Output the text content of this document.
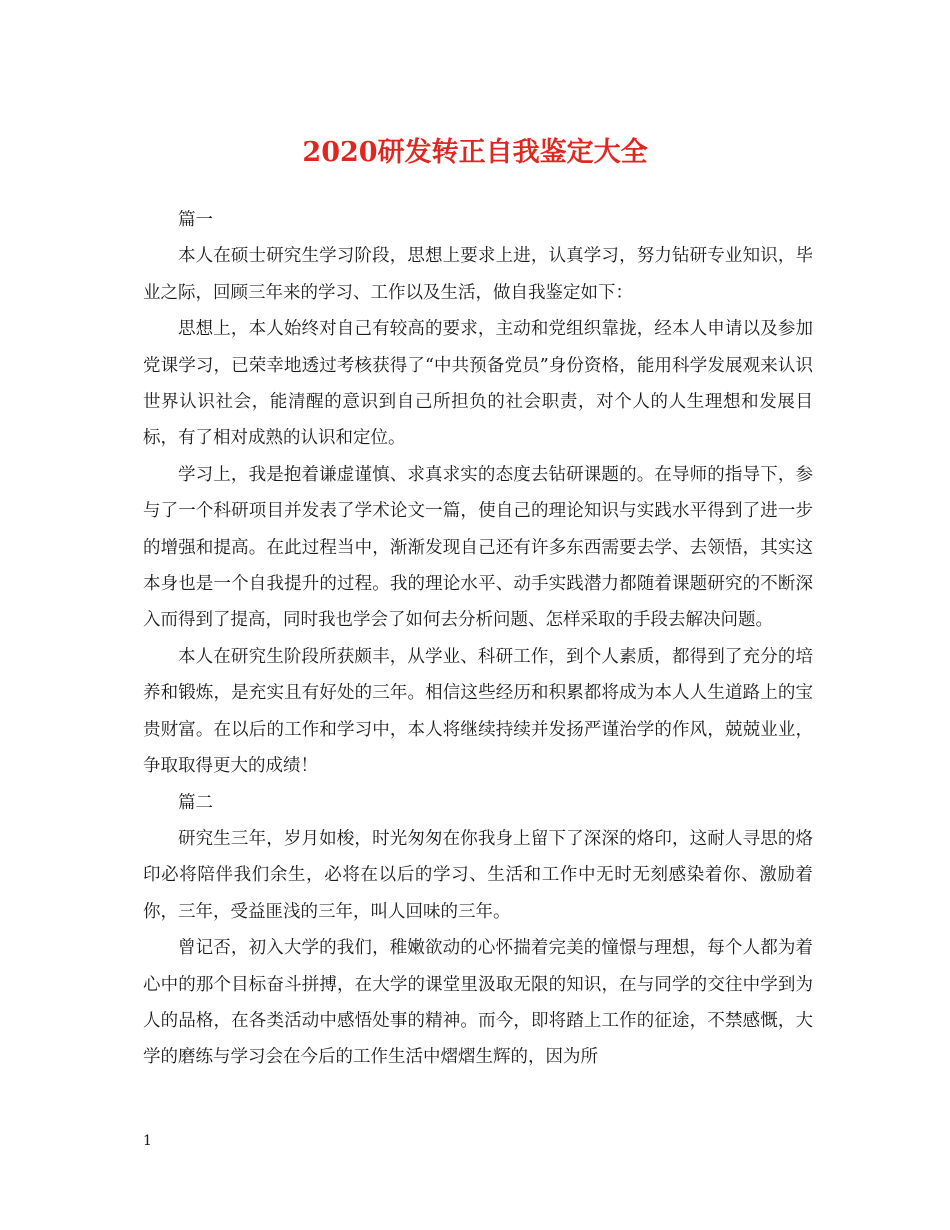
2020研发转正自我鉴定大全

篇一

本人在硕士研究生学习阶段，思想上要求上进，认真学习，努力钻研专业知识，毕业之际，回顾三年来的学习、工作以及生活，做自我鉴定如下：

思想上，本人始终对自己有较高的要求，主动和党组织靠拢，经本人申请以及参加党课学习，已荣幸地透过考核获得了“中共预备党员”身份资格，能用科学发展观来认识世界认识社会，能清醒的意识到自己所担负的社会职责，对个人的人生理想和发展目标，有了相对成熟的认识和定位。

学习上，我是抱着谦虚谨慎、求真求实的态度去钻研课题的。在导师的指导下，参与了一个科研项目并发表了学术论文一篇，使自己的理论知识与实践水平得到了进一步的增强和提高。在此过程当中，渐渐发现自己还有许多东西需要去学、去领悟，其实这本身也是一个自我提升的过程。我的理论水平、动手实践潜力都随着课题研究的不断深入而得到了提高，同时我也学会了如何去分析问题、怎样采取的手段去解决问题。

本人在研究生阶段所获颇丰，从学业、科研工作，到个人素质，都得到了充分的培养和锻炼，是充实且有好处的三年。相信这些经历和积累都将成为本人人生道路上的宝贵财富。在以后的工作和学习中，本人将继续持续并发扬严谨治学的作风，兢兢业业，争取取得更大的成绩！

篇二

研究生三年，岁月如梭，时光匆匆在你我身上留下了深深的烙印，这耐人寻思的烙印必将陪伴我们余生，必将在以后的学习、生活和工作中无时无刻感染着你、激励着你，三年，受益匪浅的三年，叫人回味的三年。

曾记否，初入大学的我们，稚嫩欲动的心怀揣着完美的憧憬与理想，每个人都为着心中的那个目标奋斗拼搏，在大学的课堂里汲取无限的知识，在与同学的交往中学到为人的品格，在各类活动中感悟处事的精神。而今，即将踏上工作的征途，不禁感慨，大学的磨练与学习会在今后的工作生活中熠熠生辉的，因为所

1
